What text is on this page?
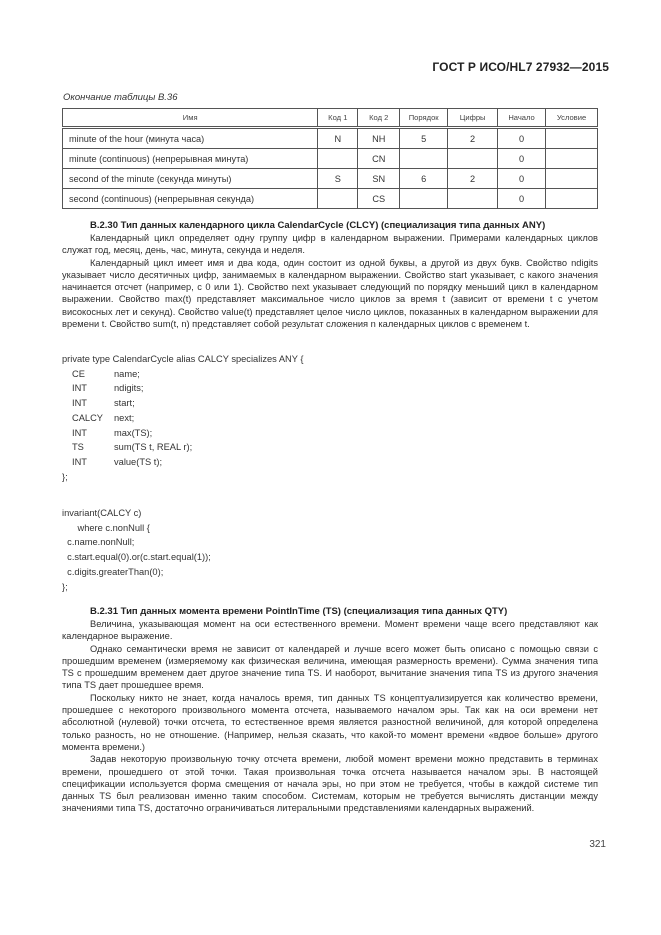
ГОСТ Р ИСО/HL7 27932—2015
Окончание таблицы В.36
Имя	Код 1	Код 2	Порядок	Цифры	Начало	Условие
minute of the hour (минута часа)	N	NH	5	2	0	
minute (continuous) (непрерывная минута)		CN			0	
second of the minute (секунда минуты)	S	SN	6	2	0	
second (continuous) (непрерывная секунда)		CS			0	
B.2.30 Тип данных календарного цикла CalendarCycle (CLCY) (специализация типа данных ANY)

Календарный цикл определяет одну группу цифр в календарном выражении. Примерами календарных циклов служат год, месяц, день, час, минута, секунда и неделя.

Календарный цикл имеет имя и два кода, один состоит из одной буквы, а другой из двух букв. Свойство ndigits указывает число десятичных цифр, занимаемых в календарном выражении. Свойство start указывает, с какого значения начинается отсчет (например, с 0 или 1). Свойство next указывает следующий по порядку меньший цикл в календарном выражении. Свойство max(t) представляет максимальное число циклов за время t (зависит от времени t с учетом високосных лет и секунд). Свойство value(t) представляет целое число циклов, показанных в календарном выражении для времени t. Свойство sum(t, n) представляет собой результат сложения n календарных циклов с временем t.

private type CalendarCycle alias CALCY specializes ANY {
CE	name;
INT	ndigits;
INT	start;
CALCY next;
INT	max(TS);
TS	sum(TS t, REAL r);
INT	value(TS t);
};
invariant(CALCY c)
where c.nonNull {
c.name.nonNull;
c.start.equal(0).or(c.start.equal(1));
c.digits.greaterThan(0);
};
B.2.31 Тип данных момента времени PointInTime (TS) (специализация типа данных QTY)

Величина, указывающая момент на оси естественного времени. Момент времени чаще всего представляют как календарное выражение.

Однако семантически время не зависит от календарей и лучше всего может быть описано с помощью связи с прошедшим временем (измеряемому как физическая величина, имеющая размерность времени). Сумма значения типа TS с прошедшим временем дает другое значение типа TS. И наоборот, вычитание значения типа TS из другого значения типа TS дает прошедшее время.

Поскольку никто не знает, когда началось время, тип данных TS концептуализируется как количество времени, прошедшее с некоторого произвольного момента отсчета, называемого началом эры. Так как на оси времени нет абсолютной (нулевой) точки отсчета, то естественное время является разностной величиной, для которой определена только разность, но не отношение. (Например, нельзя сказать, что какой-то момент времени «вдвое больше» другого момента времени.)

Задав некоторую произвольную точку отсчета времени, любой момент времени можно представить в терминах времени, прошедшего от этой точки. Такая произвольная точка отсчета называется началом эры. В настоящей спецификации используется форма смещения от начала эры, но при этом не требуется, чтобы в каждой системе тип данных TS был реализован именно таким способом. Системам, которым не требуется вычислять дистанции между значениями типа TS, достаточно ограничиваться литеральными представлениями календарных выражений.

321
